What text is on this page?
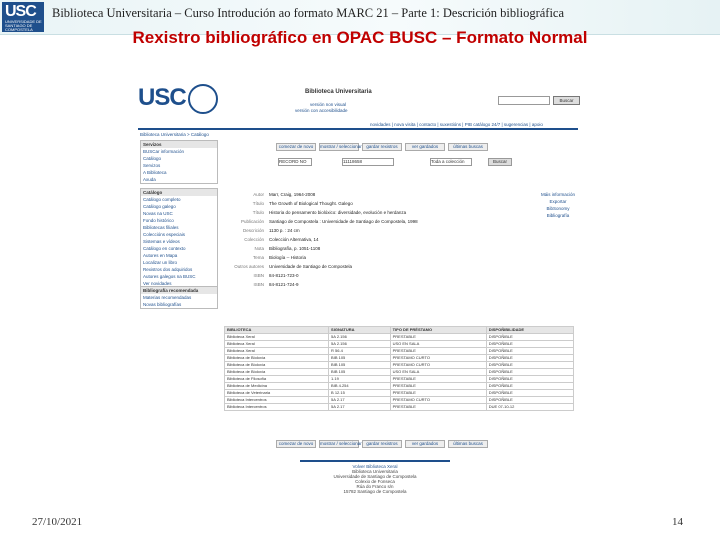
USC
UNIVERSIDADE DE SANTIAGO DE COMPOSTELA
Biblioteca Universitaria – Curso Introdución ao formato MARC 21 – Parte 1: Descrición bibliográfica
Rexistro bibliográfico en OPAC BUSC – Formato Normal
USC	Biblioteca Universitaria
versión non visual
versión con accesibilidade
Buscar
novidades | nova visita | contacto | suxestións | PIB catálogo 24/7 | sugerencias | apoio
Biblioteca Universitaria > Catálogo
Servizos
BUSCar información
Catálogo
Servizos
A Biblioteca
Axuda
Catálogo
Catálogo completo
Catálogo galego
Novas na USC
Fondo histórico
Bibliotecas filiales
Coleccións especiais
Sistemas e vídeos
Catálogo en contexto
Autores en Mapa
Localizar un libro
Rexistros dos adquiridos
Autores galegos na BUSC
Ver novidades
Bibliografía recomendada
Materias recomendadas
Novas bibliografías
comezar de novo mostrar / seleccionar gardar rexistros	ver gardados	últimas buscas
RECORD NO	11118658	Toda a colección	Buscar
Autor Marr, Craig, 1964-2008
Título The Growth of Biological Thought. Galego
Título Historia do pensamento biolóxico: diversidade, evolución e herdanza
Publicación Santiago de Compostela : Universidade de Santiago de Compostela, 1998
Descrición 1130 p. : 24 cm
Colección Colección Alternativa, 14
Nota Bibliografía, p. 1051-1108
Tema Biología -- Historia
Outros autores Universidade de Santiago de Compostela
ISBN 84-8121-723-0
ISBN 84-8121-724-9
Máis información
Exportar
BibSonomy
Bibliografía
BIBLIOTECA	SIGNATURA	TIPO DE PRÉSTAMO	DISPOÑIBILIDADE
Biblioteca Xeral	5A 2.156	PRESTABLE	DISPOÑIBLE
Biblioteca Xeral	5A 2.156	USO EN SALA	DISPOÑIBLE
Biblioteca Xeral	R 56.4	PRESTABLE	DISPOÑIBLE
Biblioteca de Bioloxía	BIB 105	PRESTAMO CURTO	DISPOÑIBLE
Biblioteca de Bioloxía	BIB 105	PRESTAMO CURTO	DISPOÑIBLE
Biblioteca de Bioloxía	BIB 105	USO EN SALA	DISPOÑIBLE
Biblioteca de Filosofía	1.19	PRESTABLE	DISPOÑIBLE
Biblioteca de Medicina	BIB 4.254	PRESTABLE	DISPOÑIBLE
Biblioteca de Veterinaria	B 12.15	PRESTABLE	DISPOÑIBLE
Biblioteca Intercentros	5A 2.17	PRESTAMO CURTO	DISPOÑIBLE
Biblioteca Intercentros	5A 2.17	PRESTABLE	DUE 07-10-12
comezar de novo mostrar / seleccionar gardar rexistros	ver gardados	últimas buscas
Volver Biblioteca Xeral
Biblioteca Universitaria
Universidade de Santiago de Compostela
Colexio de Fonseca
Rúa do Franco s/n
15782 Santiago de Compostela
27/10/2021	14
